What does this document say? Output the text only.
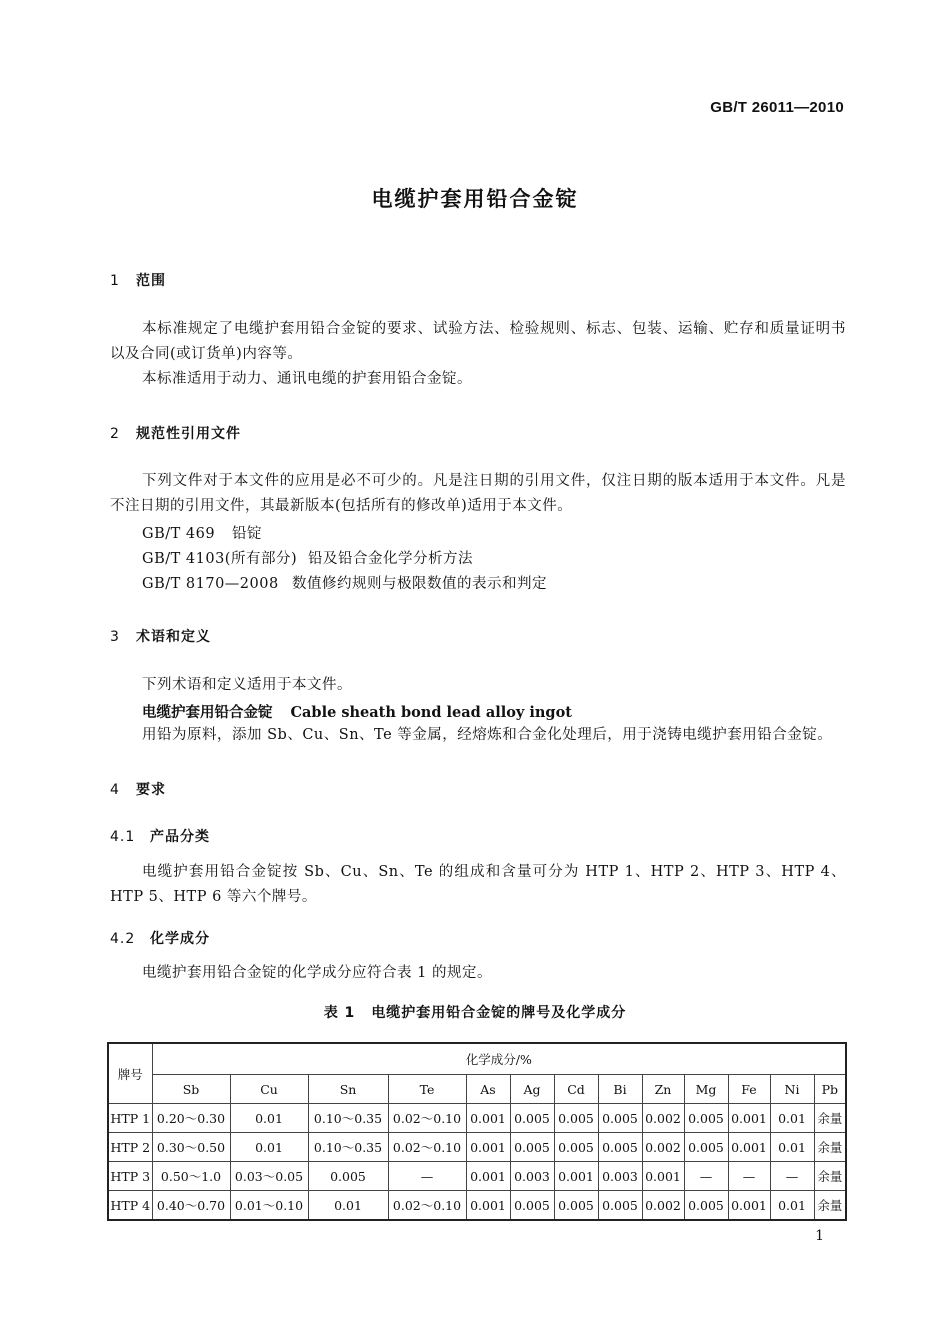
GB/T 26011—2010
电缆护套用铅合金锭
1 范围
本标准规定了电缆护套用铅合金锭的要求、试验方法、检验规则、标志、包装、运输、贮存和质量证明书以及合同(或订货单)内容等。
本标准适用于动力、通讯电缆的护套用铅合金锭。
2 规范性引用文件
下列文件对于本文件的应用是必不可少的。凡是注日期的引用文件，仅注日期的版本适用于本文件。凡是不注日期的引用文件，其最新版本(包括所有的修改单)适用于本文件。
GB/T 469 铅锭
GB/T 4103(所有部分) 铅及铅合金化学分析方法
GB/T 8170—2008 数值修约规则与极限数值的表示和判定
3 术语和定义
下列术语和定义适用于本文件。
电缆护套用铅合金锭 Cable sheath bond lead alloy ingot
用铅为原料，添加 Sb、Cu、Sn、Te 等金属，经熔炼和合金化处理后，用于浇铸电缆护套用铅合金锭。
4 要求
4.1 产品分类
电缆护套用铅合金锭按 Sb、Cu、Sn、Te 的组成和含量可分为 HTP 1、HTP 2、HTP 3、HTP 4、HTP 5、HTP 6 等六个牌号。
4.2 化学成分
电缆护套用铅合金锭的化学成分应符合表 1 的规定。
表 1 电缆护套用铅合金锭的牌号及化学成分
牌号	化学成分/%												
	Sb	Cu	Sn	Te	As	Ag	Cd	Bi	Zn	Mg	Fe	Ni	Pb
HTP 1	0.20～0.30	0.01	0.10～0.35	0.02～0.10	0.001	0.005	0.005	0.005	0.002	0.005	0.001	0.01	余量
HTP 2	0.30～0.50	0.01	0.10～0.35	0.02～0.10	0.001	0.005	0.005	0.005	0.002	0.005	0.001	0.01	余量
HTP 3	0.50～1.0	0.03～0.05	0.005	—	0.001	0.003	0.001	0.003	0.001	—	—	—	余量
HTP 4	0.40～0.70	0.01～0.10	0.01	0.02～0.10	0.001	0.005	0.005	0.005	0.002	0.005	0.001	0.01	余量
1
